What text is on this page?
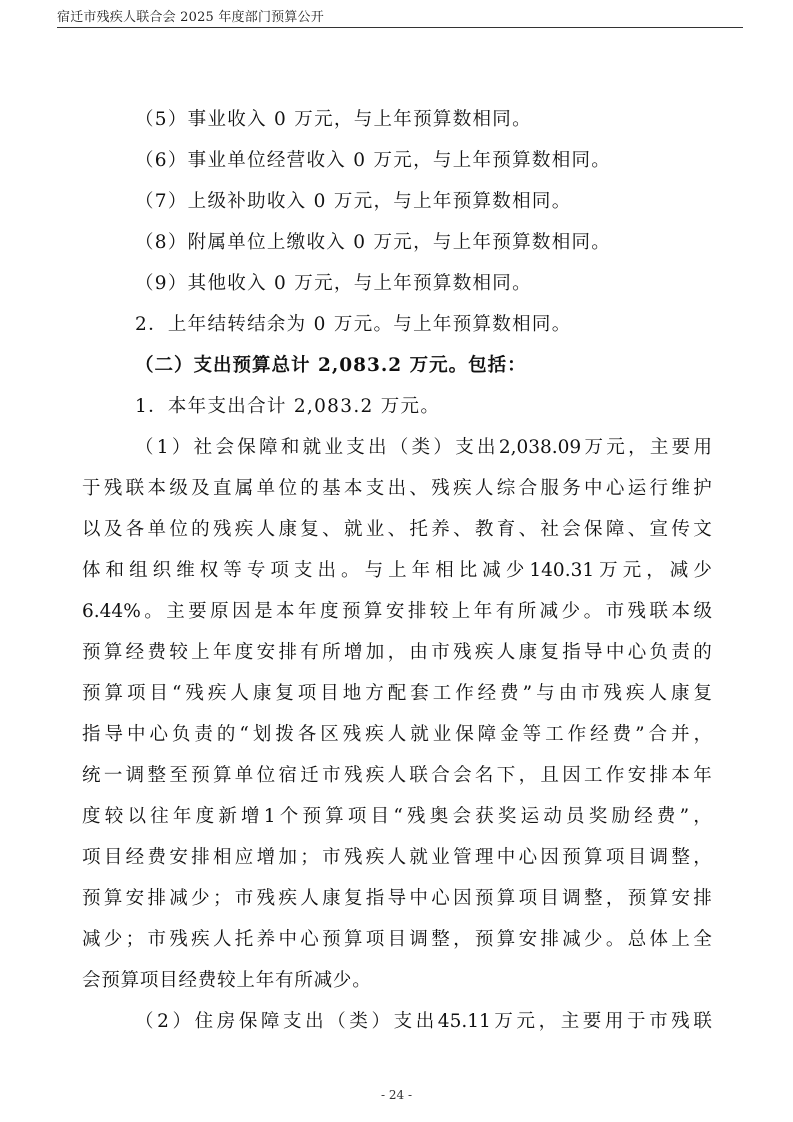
宿迁市残疾人联合会 2025 年度部门预算公开
（5）事业收入 0 万元，与上年预算数相同。
（6）事业单位经营收入 0 万元，与上年预算数相同。
（7）上级补助收入 0 万元，与上年预算数相同。
（8）附属单位上缴收入 0 万元，与上年预算数相同。
（9）其他收入 0 万元，与上年预算数相同。
2．上年结转结余为 0 万元。与上年预算数相同。
（二）支出预算总计 2,083.2 万元。包括：
1．本年支出合计 2,083.2 万元。
（ 1 ） 社 会 保 障 和 就 业 支 出 （ 类 ） 支 出 2,038.09 万 元 ， 主 要 用
于 残 联 本 级 及 直 属 单 位 的 基 本 支 出 、 残 疾 人 综 合 服 务 中 心 运 行 维 护
以 及 各 单 位 的 残 疾 人 康 复 、 就 业 、 托 养 、 教 育 、 社 会 保 障 、 宣 传 文
体 和 组 织 维 权 等 专 项 支 出 。 与 上 年 相 比 减 少 140.31 万 元 ， 减 少
6.44% 。 主 要 原 因 是 本 年 度 预 算 安 排 较 上 年 有 所 减 少 。 市 残 联 本 级
预 算 经 费 较 上 年 度 安 排 有 所 增 加 ， 由 市 残 疾 人 康 复 指 导 中 心 负 责 的
预 算 项 目 “ 残 疾 人 康 复 项 目 地 方 配 套 工 作 经 费 ” 与 由 市 残 疾 人 康 复
指 导 中 心 负 责 的 “ 划 拨 各 区 残 疾 人 就 业 保 障 金 等 工 作 经 费 ” 合 并 ，
统 一 调 整 至 预 算 单 位 宿 迁 市 残 疾 人 联 合 会 名 下 ， 且 因 工 作 安 排 本 年
度 较 以 往 年 度 新 增 1 个 预 算 项 目 “ 残 奥 会 获 奖 运 动 员 奖 励 经 费 ” ，
项 目 经 费 安 排 相 应 增 加 ； 市 残 疾 人 就 业 管 理 中 心 因 预 算 项 目 调 整 ，
预 算 安 排 减 少 ； 市 残 疾 人 康 复 指 导 中 心 因 预 算 项 目 调 整 ， 预 算 安 排
减 少 ； 市 残 疾 人 托 养 中 心 预 算 项 目 调 整 ， 预 算 安 排 减 少 。 总 体 上 全
会预算项目经费较上年有所减少。
（ 2 ） 住 房 保 障 支 出 （ 类 ） 支 出 45.11 万 元 ， 主 要 用 于 市 残 联
- 24 -
